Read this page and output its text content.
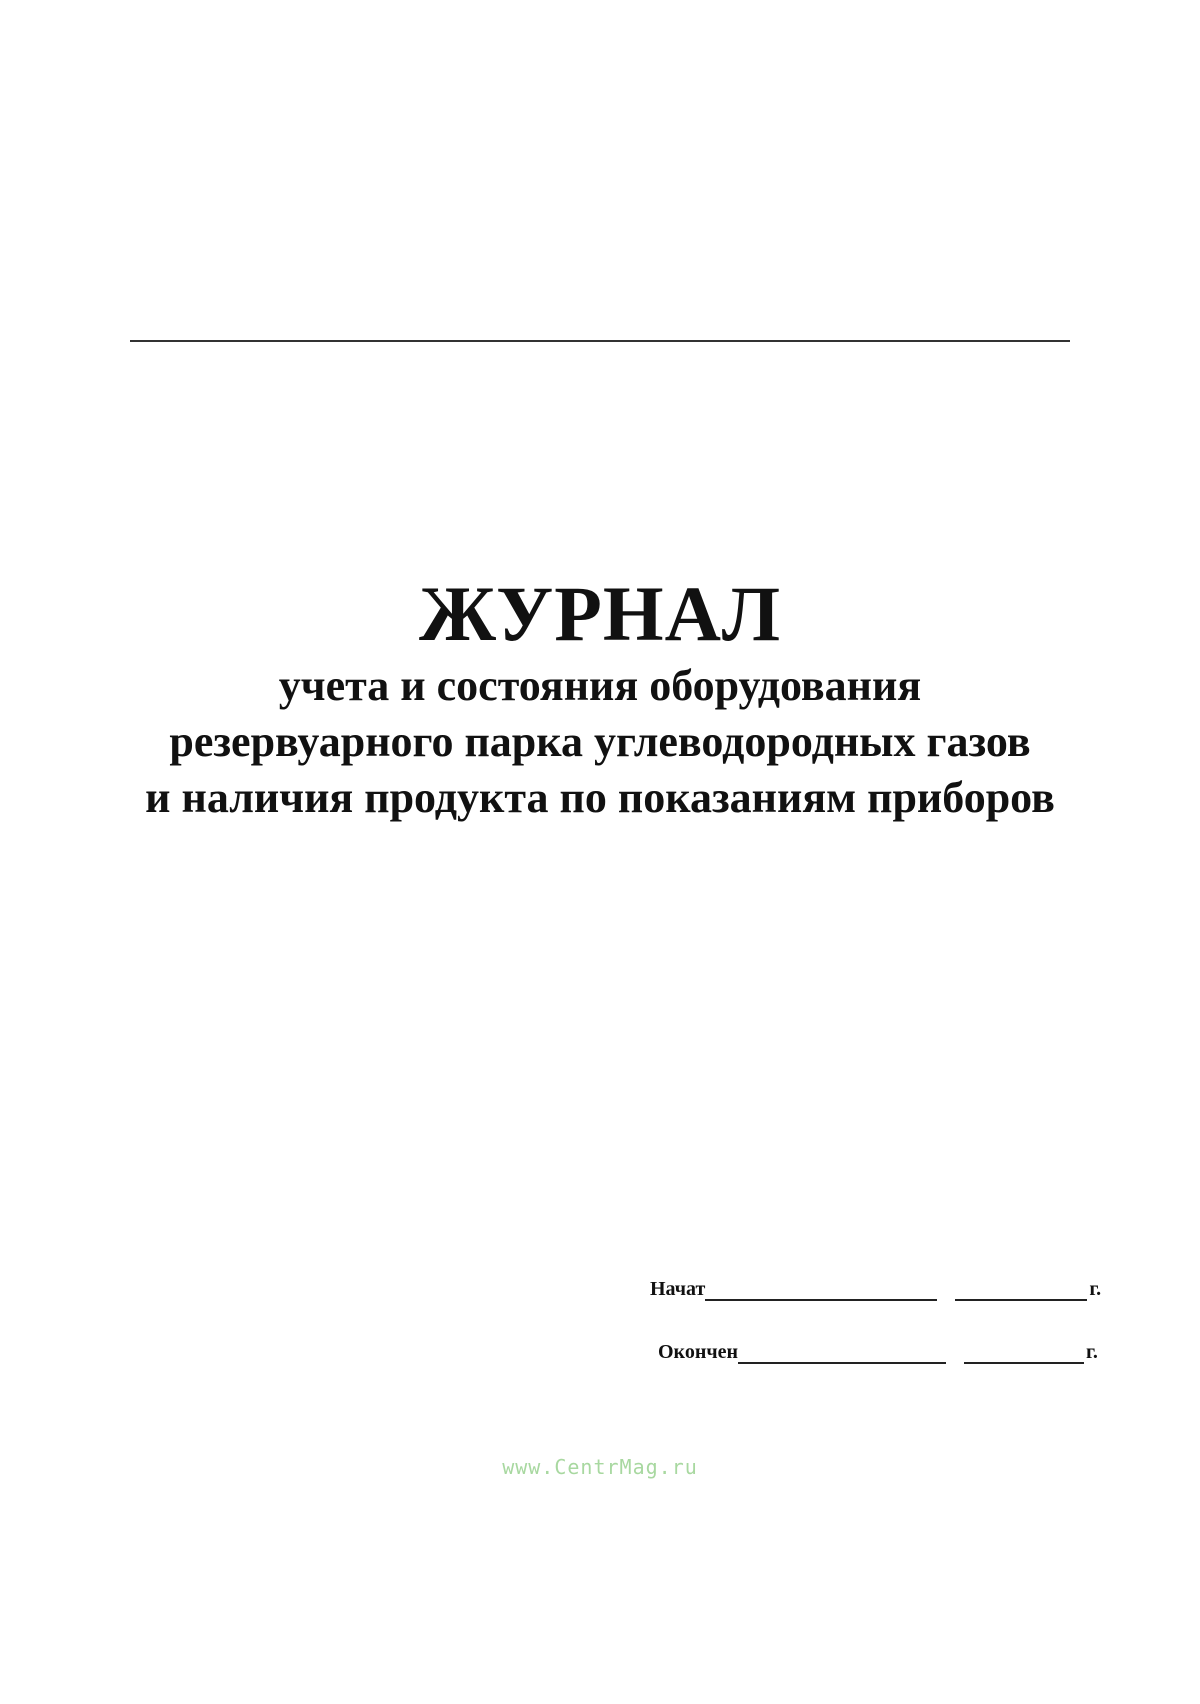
ЖУРНАЛ

учета и состояния оборудования

резервуарного парка углеводородных газов

и наличия продукта по показаниям приборов

Начат	г.
Окончен	г.
www.CentrMag.ru
